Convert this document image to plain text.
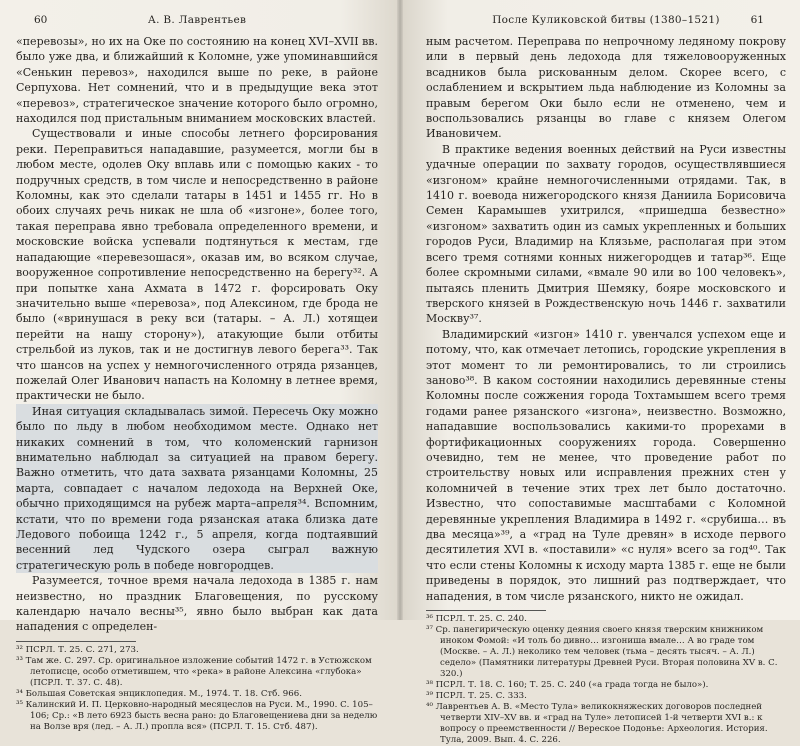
60	А. В. Лаврентьев

«перевозы», но их на Оке по состоянию на конец XVI–XVII вв. было уже два, и ближайший к Коломне, уже упоминавшийся «Сенькин перевоз», находился выше по реке, в районе Серпухова. Нет сомнений, что и в предыдущие века этот «перевоз», стратегическое значение которого было огромно, находился под пристальным вниманием московских властей.

Существовали и иные способы летнего форсирования реки. Переправиться нападавшие, разумеется, могли бы в любом месте, одолев Оку вплавь или с помощью каких - то подручных средств, в том числе и непосредственно в районе Коломны, как это сделали татары в 1451 и 1455 гг. Но в обоих случаях речь никак не шла об «изгоне», более того, такая переправа явно требовала определенного времени, и московские войска успевали подтянуться к местам, где нападающие «перевезошася», оказав им, во всяком случае, вооруженное сопротивление непосредственно на берегу³². А при попытке хана Ахмата в 1472 г. форсировать Оку значительно выше «перевоза», под Алексином, где брода не было («вринушася в реку вси (татары. – А. Л.) хотящеи перейти на нашу сторону»), атакующие были отбиты стрельбой из луков, так и не достигнув левого берега³³. Так что шансов на успех у немногочисленного отряда рязанцев, пожелай Олег Иванович напасть на Коломну в летнее время, практически не было.

Иная ситуация складывалась зимой. Пересечь Оку можно было по льду в любом необходимом месте. Однако нет никаких сомнений в том, что коломенский гарнизон внимательно наблюдал за ситуацией на правом берегу. Важно отметить, что дата захвата рязанцами Коломны, 25 марта, совпадает с началом ледохода на Верхней Оке, обычно приходящимся на рубеж марта–апреля³⁴. Вспомним, кстати, что по времени года рязанская атака близка дате Ледового побоища 1242 г., 5 апреля, когда подтаявший весенний лед Чудского озера сыграл важную стратегическую роль в победе новгородцев.

Разумеется, точное время начала ледохода в 1385 г. нам неизвестно, но праздник Благовещения, по русскому календарю начало весны³⁵, явно было выбран как дата нападения с определен-

³² ПСРЛ. Т. 25. С. 271, 273.

³³ Там же. С. 297. Ср. оригинальное изложение событий 1472 г. в Устюжском летописце, особо отметившем, что «река» в районе Алексина «глубока» (ПСРЛ. Т. 37. С. 48).

³⁴ Большая Советская энциклопедия. М., 1974. Т. 18. Стб. 966.

³⁵ Калинский И. П. Церковно-народный месяцеслов на Руси. М., 1990. С. 105–106; Ср.: «В лето 6923 бысть весна рано: до Благовещениева дни за неделю на Волзе вря (лед. – А. Л.) пропла вся» (ПСРЛ. Т. 15. Стб. 487).

После Куликовской битвы (1380–1521)	61

ным расчетом. Переправа по непрочному ледяному покрову или в первый день ледохода для тяжеловооруженных всадников была рискованным делом. Скорее всего, с ослаблением и вскрытием льда наблюдение из Коломны за правым берегом Оки было если не отменено, чем и воспользовались рязанцы во главе с князем Олегом Ивановичем.

В практике ведения военных действий на Руси известны удачные операции по захвату городов, осуществлявшиеся «изгоном» крайне немногочисленными отрядами. Так, в 1410 г. воевода нижегородского князя Даниила Борисовича Семен Карамышев ухитрился, «пришедша безвестно» «изгоном» захватить один из самых укрепленных и больших городов Руси, Владимир на Клязьме, располагая при этом всего тремя сотнями конных нижегородцев и татар³⁶. Еще более скромными силами, «вмале 90 или во 100 человекъ», пытаясь пленить Дмитрия Шемяку, бояре московского и тверского князей в Рождественскую ночь 1446 г. захватили Москву³⁷.

Владимирский «изгон» 1410 г. увенчался успехом еще и потому, что, как отмечает летопись, городские укрепления в этот момент то ли ремонтировались, то ли строились заново³⁸. В каком состоянии находились деревянные стены Коломны после сожжения города Тохтамышем всего тремя годами ранее рязанского «изгона», неизвестно. Возможно, нападавшие воспользовались какими-то прорехами в фортификационных сооружениях города. Совершенно очевидно, тем не менее, что проведение работ по строительству новых или исправления прежних стен у коломничей в течение этих трех лет было достаточно. Известно, что сопоставимые масштабами с Коломной деревянные укрепления Владимира в 1492 г. «срубиша… въ два месяца»³⁹, а «град на Туле древян» в исходе первого десятилетия XVI в. «поставили» «с нуля» всего за год⁴⁰. Так что если стены Коломны к исходу марта 1385 г. еще не были приведены в порядок, это лишний раз подтверждает, что нападения, в том числе рязанского, никто не ожидал.

³⁶ ПСРЛ. Т. 25. С. 240.

³⁷ Ср. панегирическую оценку деяния своего князя тверским книжником иноком Фомой: «И толь бо дивно… изгониша вмале… А во граде том (Москве. – А. Л.) неколико тем человек (тьма – десять тысяч. – А. Л.) седело» (Памятники литературы Древней Руси. Вторая половина XV в. С. 320.)

³⁸ ПСРЛ. Т. 18. С. 160; Т. 25. С. 240 («а града тогда не было»).

³⁹ ПСРЛ. Т. 25. С. 333.

⁴⁰ Лаврентьев А. В. «Место Тула» великокняжеских договоров последней четверти XIV–XV вв. и «град на Туле» летописей 1-й четверти XVI в.: к вопросу о преемственности // Вереское Подонье: Археология. История. Тула, 2009. Вып. 4. С. 226.
